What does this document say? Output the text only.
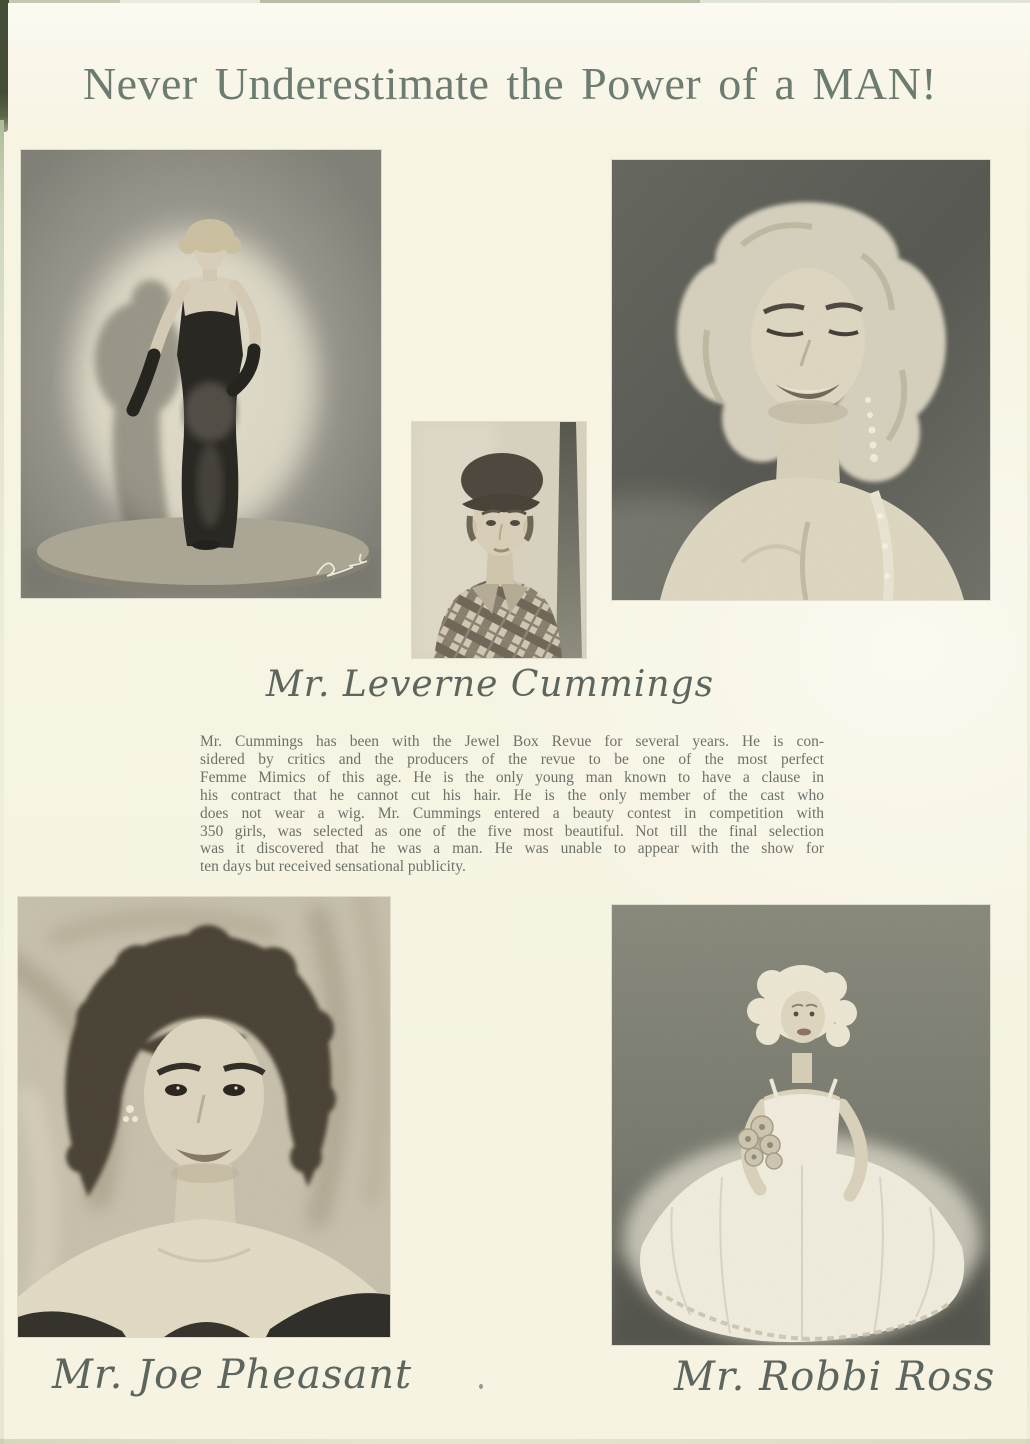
Never Underestimate the Power of a MAN!
Mr. Leverne Cummings
Mr. Cummings has been with the Jewel Box Revue for several years. He is con-
sidered by critics and the producers of the revue to be one of the most perfect
Femme Mimics of this age. He is the only young man known to have a clause in
his contract that he cannot cut his hair. He is the only member of the cast who
does not wear a wig. Mr. Cummings entered a beauty contest in competition with
350 girls, was selected as one of the five most beautiful. Not till the final selection
was it discovered that he was a man. He was unable to appear with the show for
ten days but received sensational publicity.
Mr. Joe Pheasant	Mr. Robbi Ross
